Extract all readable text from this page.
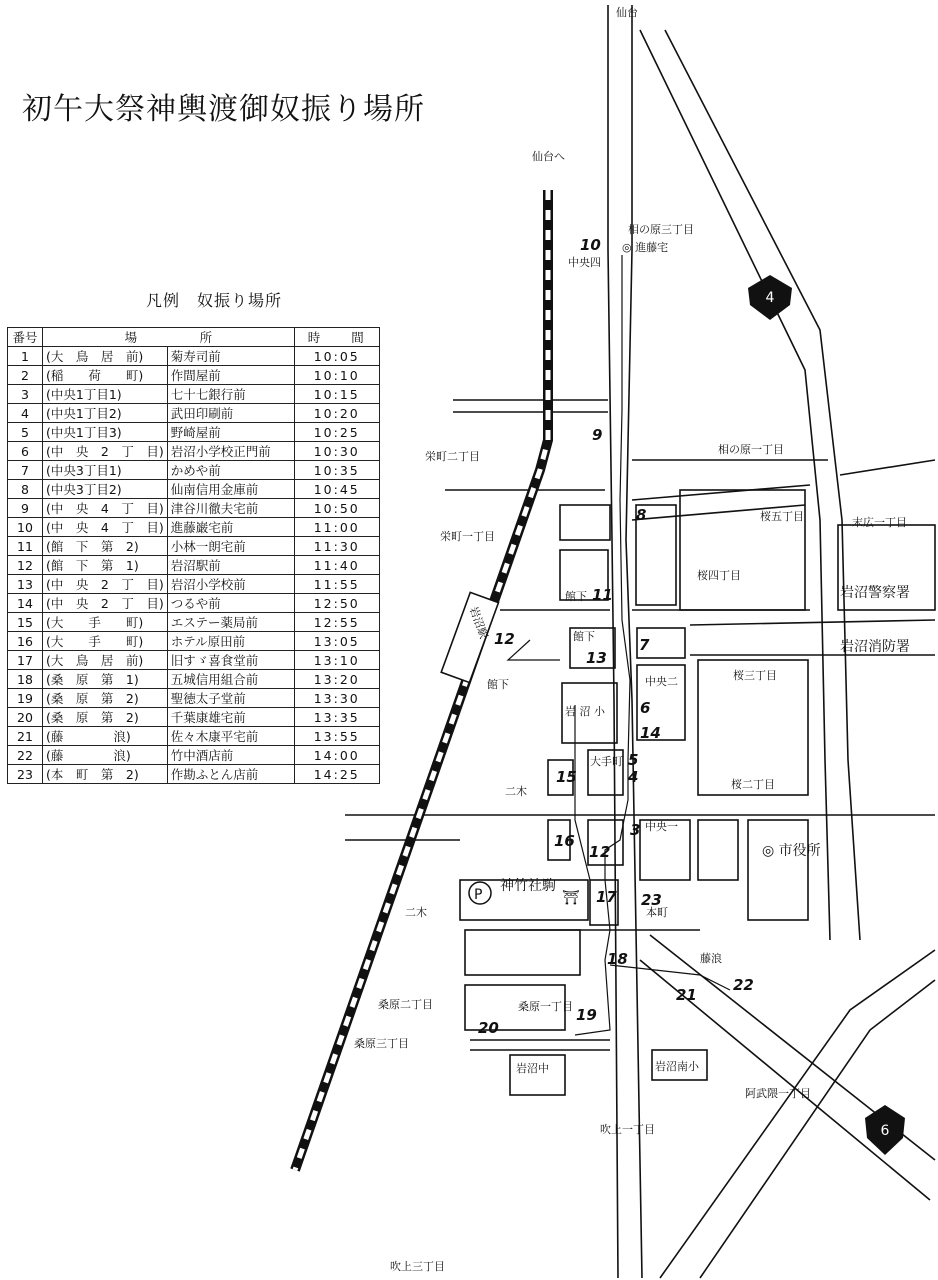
初午大祭神輿渡御奴振り場所
凡例　奴振り場所
番号	場　　　　　所		時　　間
1	(大　鳥　居　前)	菊寿司前	10:05
2	(稲　　荷　　町)	作間屋前	10:10
3	(中央1丁目1)	七十七銀行前	10:15
4	(中央1丁目2)	武田印刷前	10:20
5	(中央1丁目3)	野崎屋前	10:25
6	(中　央　2　丁　目)	岩沼小学校正門前	10:30
7	(中央3丁目1)	かめや前	10:35
8	(中央3丁目2)	仙南信用金庫前	10:45
9	(中　央　4　丁　目)	津谷川徹夫宅前	10:50
10	(中　央　4　丁　目)	進藤巌宅前	11:00
11	(館　下　第　2)	小林一朗宅前	11:30
12	(館　下　第　1)	岩沼駅前	11:40
13	(中　央　2　丁　目)	岩沼小学校前	11:55
14	(中　央　2　丁　目)	つるや前	12:50
15	(大　　手　　町)	エステー薬局前	12:55
16	(大　　手　　町)	ホテル原田前	13:05
17	(大　鳥　居　前)	旧すゞ喜食堂前	13:10
18	(桑　原　第　1)	五城信用組合前	13:20
19	(桑　原　第　2)	聖徳太子堂前	13:30
20	(桑　原　第　2)	千葉康雄宅前	13:35
21	(藤　　　　浪)	佐々木康平宅前	13:55
22	(藤　　　　浪)	竹中酒店前	14:00
23	(本　町　第　2)	作勘ふとん店前	14:25
4
6
仙台
仙台へ
相の原三丁目
◎ 進藤宅
中央四
相の原一丁目
栄町二丁目
栄町一丁目
桜五丁目	末広一丁目
桜四丁目
岩沼警察署
岩沼消防署
岩沼駅
館下
館下
館下	中央二
岩 沼 小
桜三丁目
桜二丁目
二木
大手町
中央一
◎ 市役所
P
神竹社駒
⛩
二木	本町
藤浪
桑原一丁目
桑原二丁目
桑原三丁目
岩沼中	岩沼南小
阿武隈一丁目
吹上一丁目
吹上三丁目
1 2
3
4
5
6
7
8
9
10
11
12
13
14
15
16
17
18
19
20
21
22
23
